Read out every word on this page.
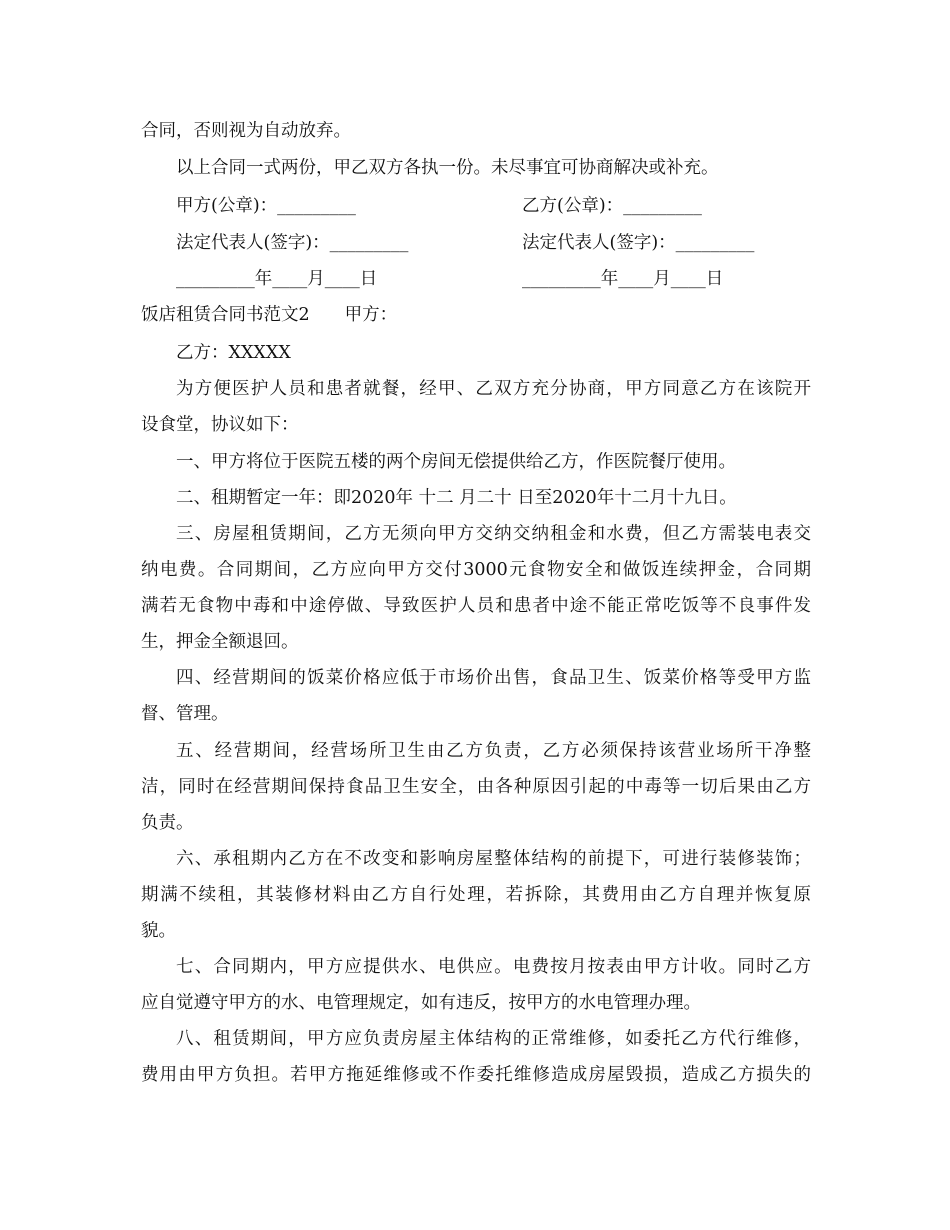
合同，否则视为自动放弃。
以上合同一式两份，甲乙双方各执一份。未尽事宜可协商解决或补充。
甲方(公章)：_________	乙方(公章)：_________
法定代表人(签字)：_________	法定代表人(签字)：_________
_________年____月____日	_________年____月____日
饭店租赁合同书范文2　　甲方：
乙方：XXXXX
为方便医护人员和患者就餐，经甲、乙双方充分协商，甲方同意乙方在该院开
设食堂，协议如下：
一、甲方将位于医院五楼的两个房间无偿提供给乙方，作医院餐厅使用。
二、租期暂定一年：即2020年 十二 月二十 日至2020年十二月十九日。
三、房屋租赁期间，乙方无须向甲方交纳交纳租金和水费，但乙方需装电表交
纳电费。合同期间，乙方应向甲方交付3000元食物安全和做饭连续押金，合同期
满若无食物中毒和中途停做、导致医护人员和患者中途不能正常吃饭等不良事件发
生，押金全额退回。
四、经营期间的饭菜价格应低于市场价出售，食品卫生、饭菜价格等受甲方监
督、管理。
五、经营期间，经营场所卫生由乙方负责，乙方必须保持该营业场所干净整
洁，同时在经营期间保持食品卫生安全，由各种原因引起的中毒等一切后果由乙方
负责。
六、承租期内乙方在不改变和影响房屋整体结构的前提下，可进行装修装饰；
期满不续租，其装修材料由乙方自行处理，若拆除，其费用由乙方自理并恢复原
貌。
七、合同期内，甲方应提供水、电供应。电费按月按表由甲方计收。同时乙方
应自觉遵守甲方的水、电管理规定，如有违反，按甲方的水电管理办理。
八、租赁期间，甲方应负责房屋主体结构的正常维修，如委托乙方代行维修，
费用由甲方负担。若甲方拖延维修或不作委托维修造成房屋毁损，造成乙方损失的
